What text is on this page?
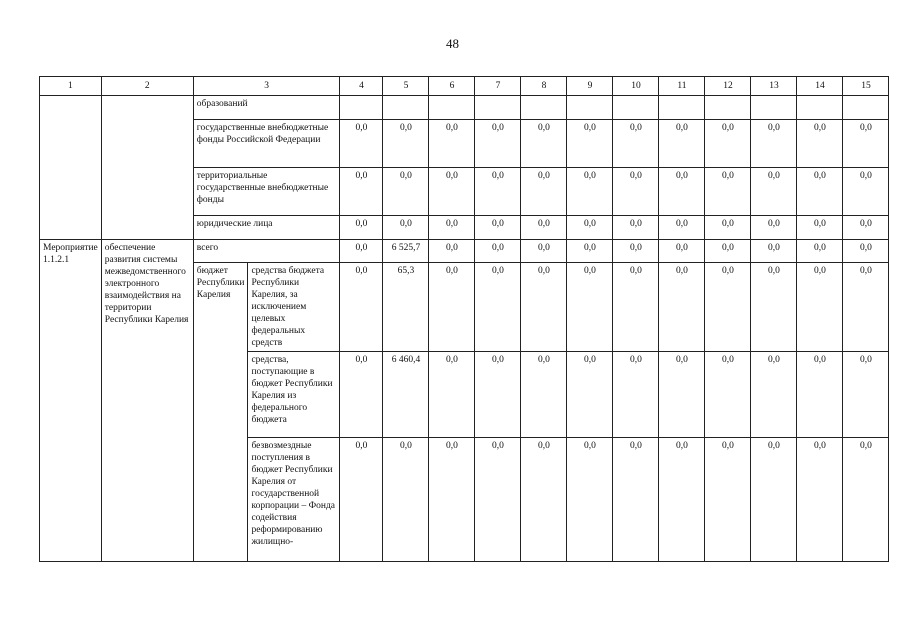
48
1	2	3		4	5	6	7	8	9	10	11	12	13	14	15
		образований													
		государственные внебюджетные фонды Российской Федерации		0,0	0,0	0,0	0,0	0,0	0,0	0,0	0,0	0,0	0,0	0,0	0,0
		территориальные государственные внебюджетные фонды		0,0	0,0	0,0	0,0	0,0	0,0	0,0	0,0	0,0	0,0	0,0	0,0
		юридические лица		0,0	0,0	0,0	0,0	0,0	0,0	0,0	0,0	0,0	0,0	0,0	0,0
Мероприятие 1.1.2.1	обеспечение развития системы межведомственного электронного взаимодействия на территории Республики Карелия	всего		0,0	6 525,7	0,0	0,0	0,0	0,0	0,0	0,0	0,0	0,0	0,0	0,0
		бюджет Республики Карелия	средства бюджета Республики Карелия, за исключением целевых федеральных средств	0,0	65,3	0,0	0,0	0,0	0,0	0,0	0,0	0,0	0,0	0,0	0,0
			средства, поступающие в бюджет Республики Карелия из федерального бюджета	0,0	6 460,4	0,0	0,0	0,0	0,0	0,0	0,0	0,0	0,0	0,0	0,0
			безвозмездные поступления в бюджет Республики Карелия от государственной корпорации – Фонда содействия реформированию жилищно-	0,0	0,0	0,0	0,0	0,0	0,0	0,0	0,0	0,0	0,0	0,0	0,0
